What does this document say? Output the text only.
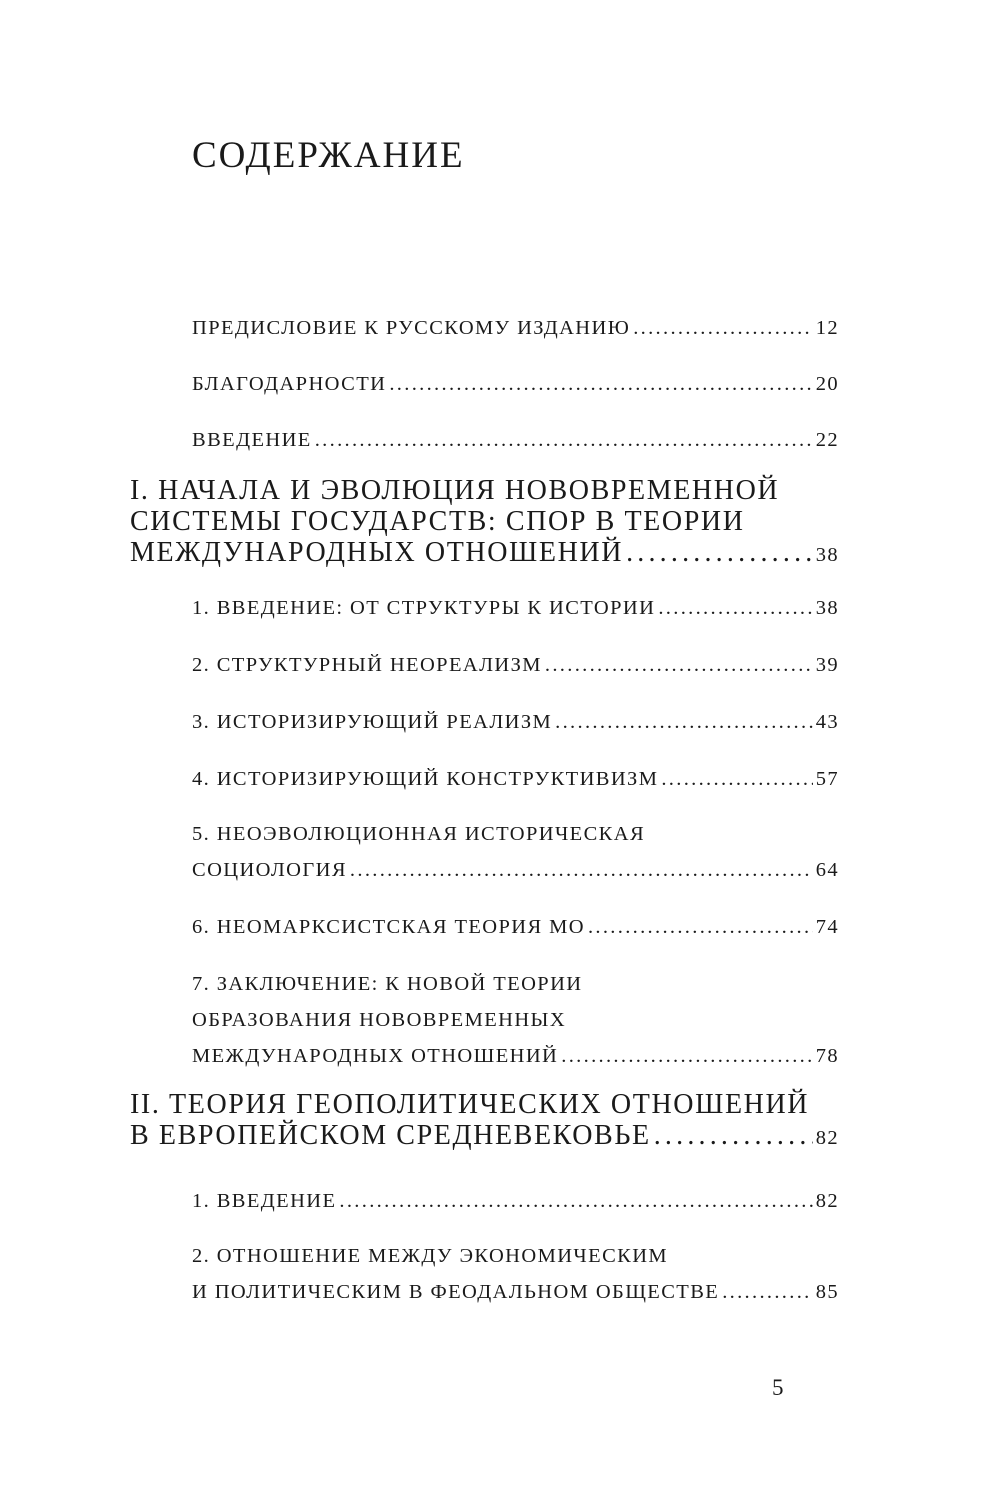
СОДЕРЖАНИЕ
ПРЕДИСЛОВИЕ К РУССКОМУ ИЗДАНИЮ . . .	12
БЛАГОДАРНОСТИ . . .	20
ВВЕДЕНИЕ . . .	22
I. НАЧАЛА И ЭВОЛЮЦИЯ НОВОВРЕМЕННОЙ
СИСТЕМЫ ГОСУДАРСТВ: СПОР В ТЕОРИИ
МЕЖДУНАРОДНЫХ ОТНОШЕНИЙ . . .	38
1. ВВЕДЕНИЕ: ОТ СТРУКТУРЫ К ИСТОРИИ . . .	38
2. СТРУКТУРНЫЙ НЕОРЕАЛИЗМ . . .	39
3. ИСТОРИЗИРУЮЩИЙ РЕАЛИЗМ . . .	43
4. ИСТОРИЗИРУЮЩИЙ КОНСТРУКТИВИЗМ . . .	57
5. НЕОЭВОЛЮЦИОННАЯ ИСТОРИЧЕСКАЯ
СОЦИОЛОГИЯ . . .	64
6. НЕОМАРКСИСТСКАЯ ТЕОРИЯ МО . . .	74
7. ЗАКЛЮЧЕНИЕ: К НОВОЙ ТЕОРИИ
ОБРАЗОВАНИЯ НОВОВРЕМЕННЫХ
МЕЖДУНАРОДНЫХ ОТНОШЕНИЙ . . .	78
II. ТЕОРИЯ ГЕОПОЛИТИЧЕСКИХ ОТНОШЕНИЙ
В ЕВРОПЕЙСКОМ СРЕДНЕВЕКОВЬЕ . . .	82
1. ВВЕДЕНИЕ . . .	82
2. ОТНОШЕНИЕ МЕЖДУ ЭКОНОМИЧЕСКИМ
И ПОЛИТИЧЕСКИМ В ФЕОДАЛЬНОМ ОБЩЕСТВЕ . . .	85
5
